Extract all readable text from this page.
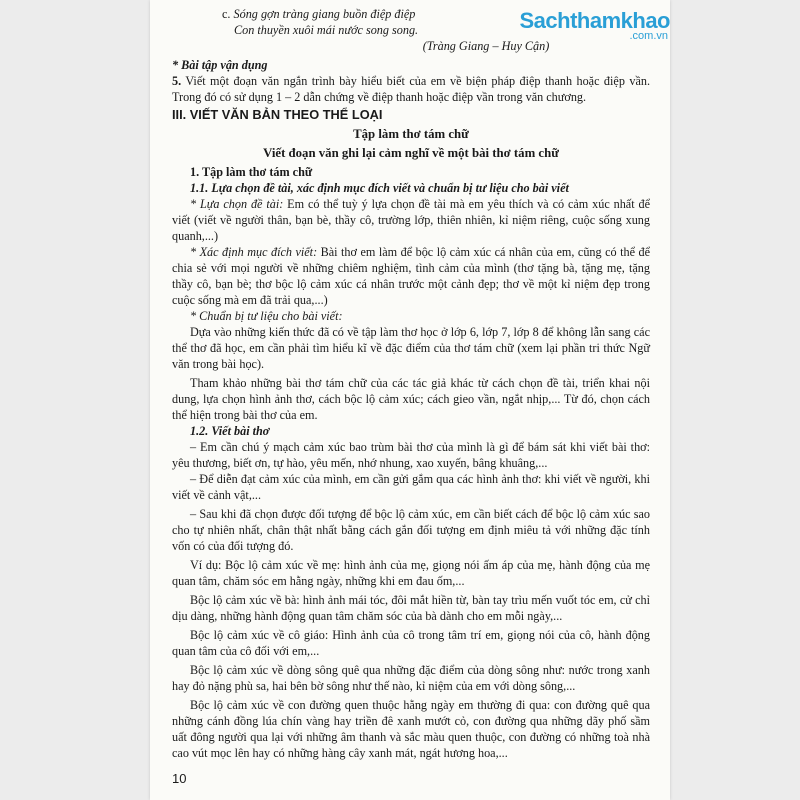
c. Sóng gợn tràng giang buồn điệp điệp

Con thuyền xuôi mái nước song song.

(Tràng Giang – Huy Cận)

* Bài tập vận dụng

5. Viết một đoạn văn ngắn trình bày hiểu biết của em về biện pháp điệp thanh hoặc điệp vần. Trong đó có sử dụng 1 – 2 dẫn chứng về điệp thanh hoặc điệp vần trong văn chương.

III. VIẾT VĂN BẢN THEO THỂ LOẠI

Tập làm thơ tám chữ

Viết đoạn văn ghi lại cảm nghĩ về một bài thơ tám chữ

1. Tập làm thơ tám chữ

1.1. Lựa chọn đề tài, xác định mục đích viết và chuẩn bị tư liệu cho bài viết

* Lựa chọn đề tài: Em có thể tuỳ ý lựa chọn đề tài mà em yêu thích và có cảm xúc nhất để viết (viết về người thân, bạn bè, thầy cô, trường lớp, thiên nhiên, kỉ niệm riêng, cuộc sống xung quanh,...)

* Xác định mục đích viết: Bài thơ em làm để bộc lộ cảm xúc cá nhân của em, cũng có thể để chia sẻ với mọi người về những chiêm nghiệm, tình cảm của mình (thơ tặng bà, tặng mẹ, tặng thầy cô, bạn bè; thơ bộc lộ cảm xúc cá nhân trước một cảnh đẹp; thơ về một kỉ niệm đẹp trong cuộc sống mà em đã trải qua,...)

* Chuẩn bị tư liệu cho bài viết:

Dựa vào những kiến thức đã có về tập làm thơ học ở lớp 6, lớp 7, lớp 8 để không lẫn sang các thể thơ đã học, em cần phải tìm hiểu kĩ về đặc điểm của thơ tám chữ (xem lại phần tri thức Ngữ văn trong bài học).

Tham khảo những bài thơ tám chữ của các tác giả khác từ cách chọn đề tài, triển khai nội dung, lựa chọn hình ảnh thơ, cách bộc lộ cảm xúc; cách gieo vần, ngắt nhịp,... Từ đó, chọn cách thể hiện trong bài thơ của em.

1.2. Viết bài thơ

– Em cần chú ý mạch cảm xúc bao trùm bài thơ của mình là gì để bám sát khi viết bài thơ: yêu thương, biết ơn, tự hào, yêu mến, nhớ nhung, xao xuyến, bâng khuâng,...

– Để diễn đạt cảm xúc của mình, em cần gửi gắm qua các hình ảnh thơ: khi viết về người, khi viết về cảnh vật,...

– Sau khi đã chọn được đối tượng để bộc lộ cảm xúc, em cần biết cách để bộc lộ cảm xúc sao cho tự nhiên nhất, chân thật nhất bằng cách gắn đối tượng em định miêu tả với những đặc tính vốn có của đối tượng đó.

Ví dụ: Bộc lộ cảm xúc về mẹ: hình ảnh của mẹ, giọng nói ấm áp của mẹ, hành động của mẹ quan tâm, chăm sóc em hằng ngày, những khi em đau ốm,...

Bộc lộ cảm xúc về bà: hình ảnh mái tóc, đôi mắt hiền từ, bàn tay trìu mến vuốt tóc em, cử chỉ dịu dàng, những hành động quan tâm chăm sóc của bà dành cho em mỗi ngày,...

Bộc lộ cảm xúc về cô giáo: Hình ảnh của cô trong tâm trí em, giọng nói của cô, hành động quan tâm của cô đối với em,...

Bộc lộ cảm xúc về dòng sông quê qua những đặc điểm của dòng sông như: nước trong xanh hay đỏ nặng phù sa, hai bên bờ sông như thế nào, kỉ niệm của em với dòng sông,...

Bộc lộ cảm xúc về con đường quen thuộc hằng ngày em thường đi qua: con đường quê qua những cánh đồng lúa chín vàng hay triền đê xanh mướt cỏ, con đường qua những dãy phố sầm uất đông người qua lại với những âm thanh và sắc màu quen thuộc, con đường có những toà nhà cao vút mọc lên hay có những hàng cây xanh mát, ngát hương hoa,...

10
Sachthamkhao
.com.vn
